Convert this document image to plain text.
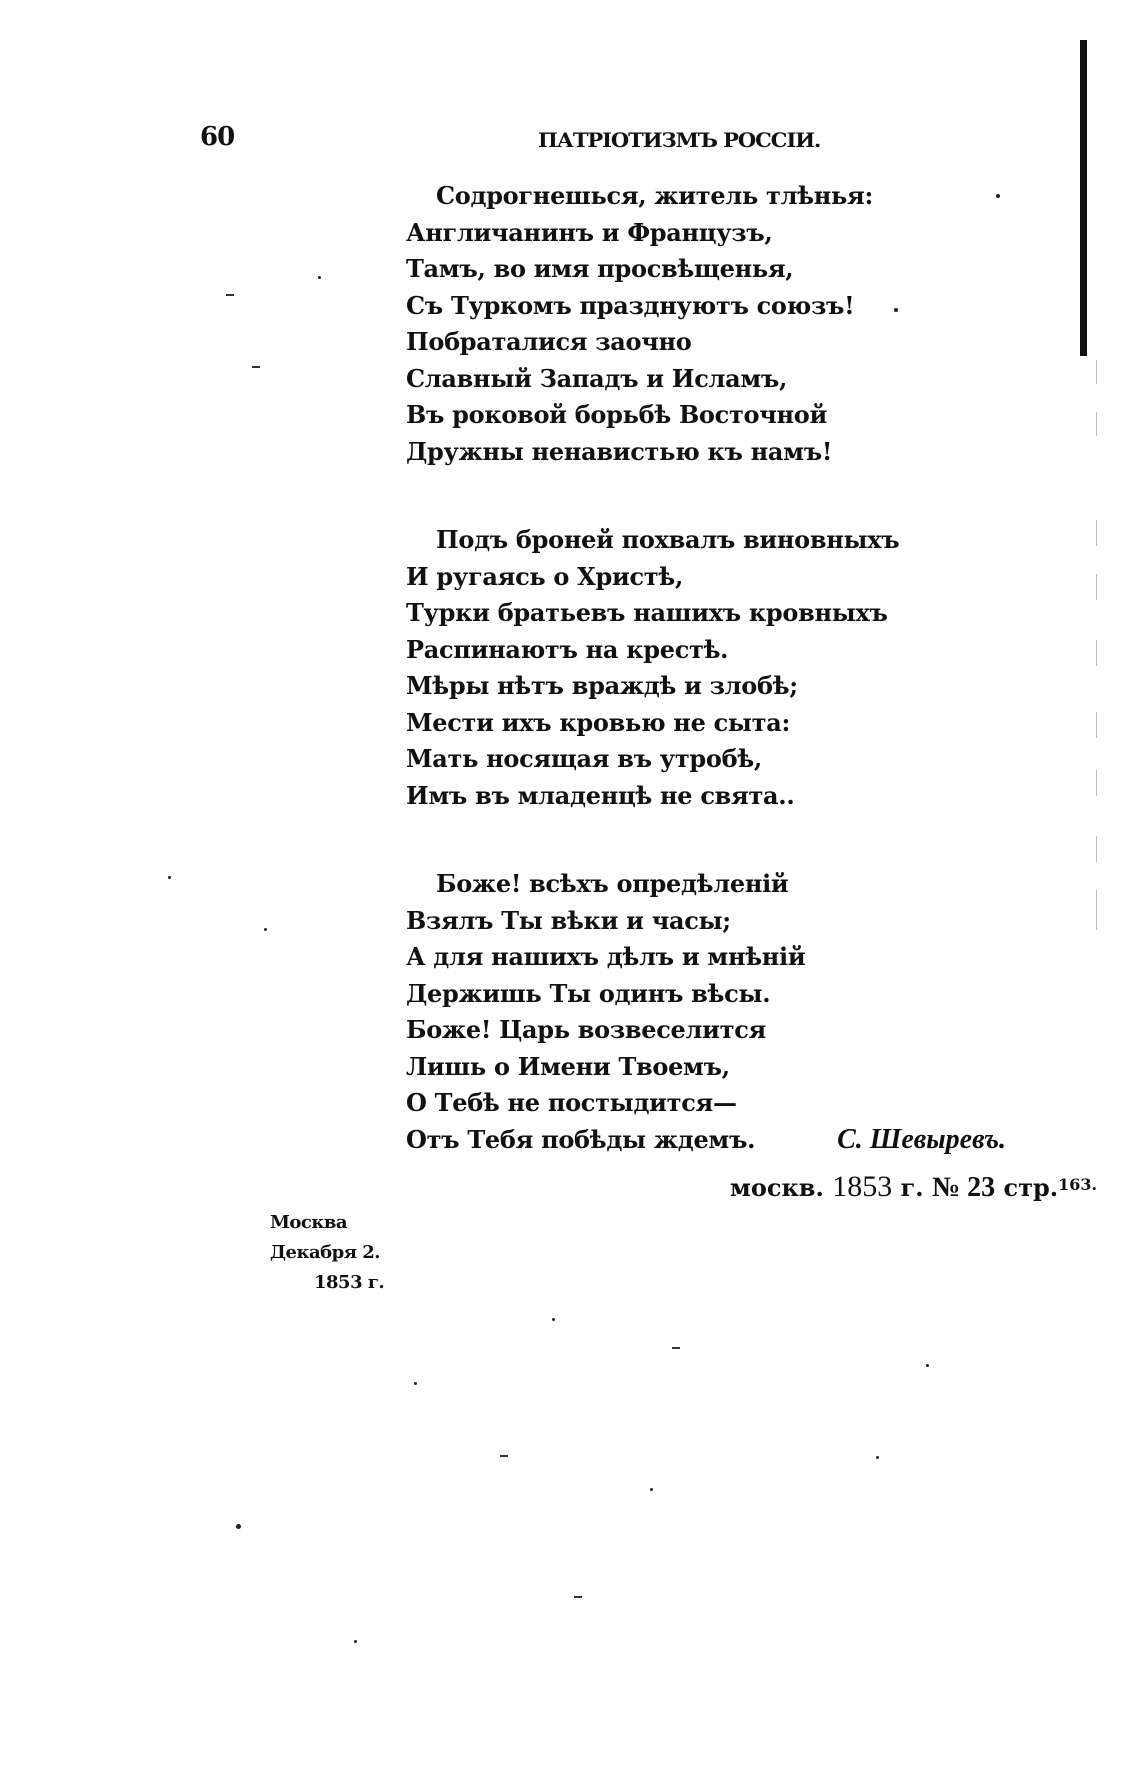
60	ПАТРІОТИЗМЪ РОССІИ.
Содрогнешься, житель тлѣнья:
Англичанинъ и Французъ,
Тамъ, во имя просвѣщенья,
Съ Туркомъ празднуютъ союзъ!
Побраталися заочно
Славный Западъ и Исламъ,
Въ роковой борьбѣ Восточной
Дружны ненавистью къ намъ!
Подъ броней похвалъ виновныхъ
И ругаясь о Христѣ,
Турки братьевъ нашихъ кровныхъ
Распинаютъ на крестѣ.
Мѣры нѣтъ враждѣ и злобѣ;
Мести ихъ кровью не сыта:
Мать носящая въ утробѣ,
Имъ въ младенцѣ не свята..
Боже! всѣхъ опредѣленій
Взялъ Ты вѣки и часы;
А для нашихъ дѣлъ и мнѣній
Держишь Ты одинъ вѣсы.
Боже! Царь возвеселится
Лишь о Имени Твоемъ,
О Тебѣ не постыдится—
Отъ Тебя побѣды ждемъ.	С. Шевыревъ.
москв. 1853 г. № 23 стр.$^{163.}$
Москва
Декабря 2.
1853 г.
